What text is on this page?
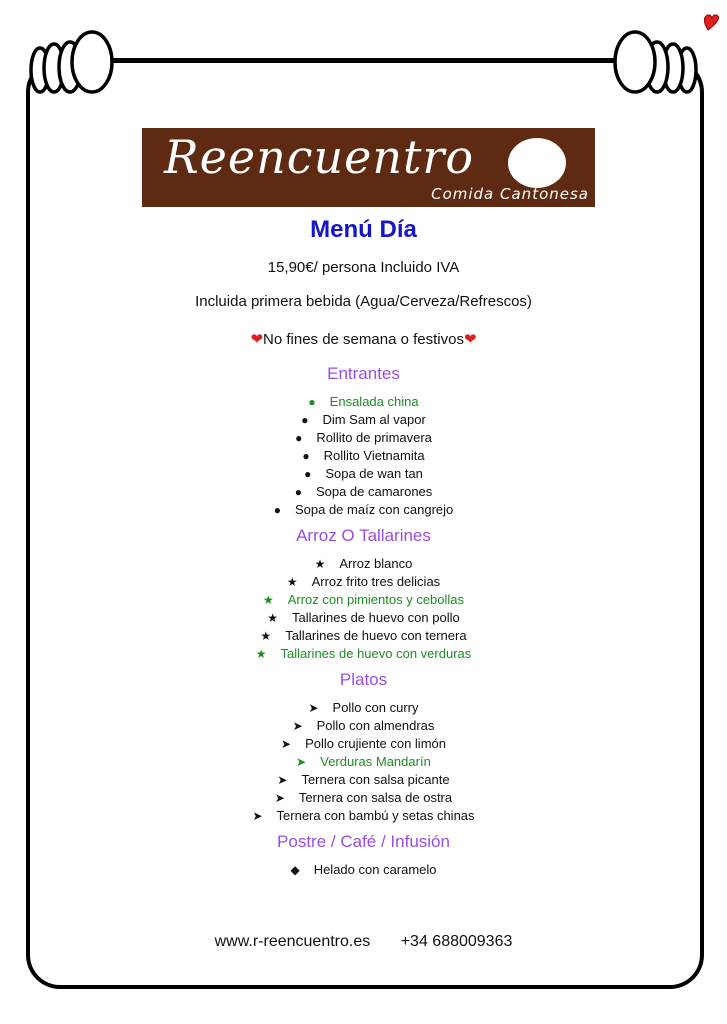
Reencuentro
Comida Cantonesa
Menú Día
15,90€/ persona Incluido IVA
Incluida primera bebida (Agua/Cerveza/Refrescos)
❤No fines de semana o festivos❤
Entrantes
● Ensalada china
● Dim Sam al vapor
● Rollito de primavera
● Rollito Vietnamita
● Sopa de wan tan
● Sopa de camarones
● Sopa de maíz con cangrejo
Arroz O Tallarines
★ Arroz blanco
★ Arroz frito tres delicias
★ Arroz con pimientos y cebollas
★ Tallarines de huevo con pollo
★ Tallarines de huevo con ternera
★ Tallarines de huevo con verduras
Platos
➤ Pollo con curry
➤ Pollo con almendras
➤ Pollo crujiente con limón
➤ Verduras Mandarín
➤ Ternera con salsa picante
➤ Ternera con salsa de ostra
➤ Ternera con bambú y setas chinas
Postre / Café / Infusión
◆ Helado con caramelo
www.r-reencuentro.es +34 688009363
